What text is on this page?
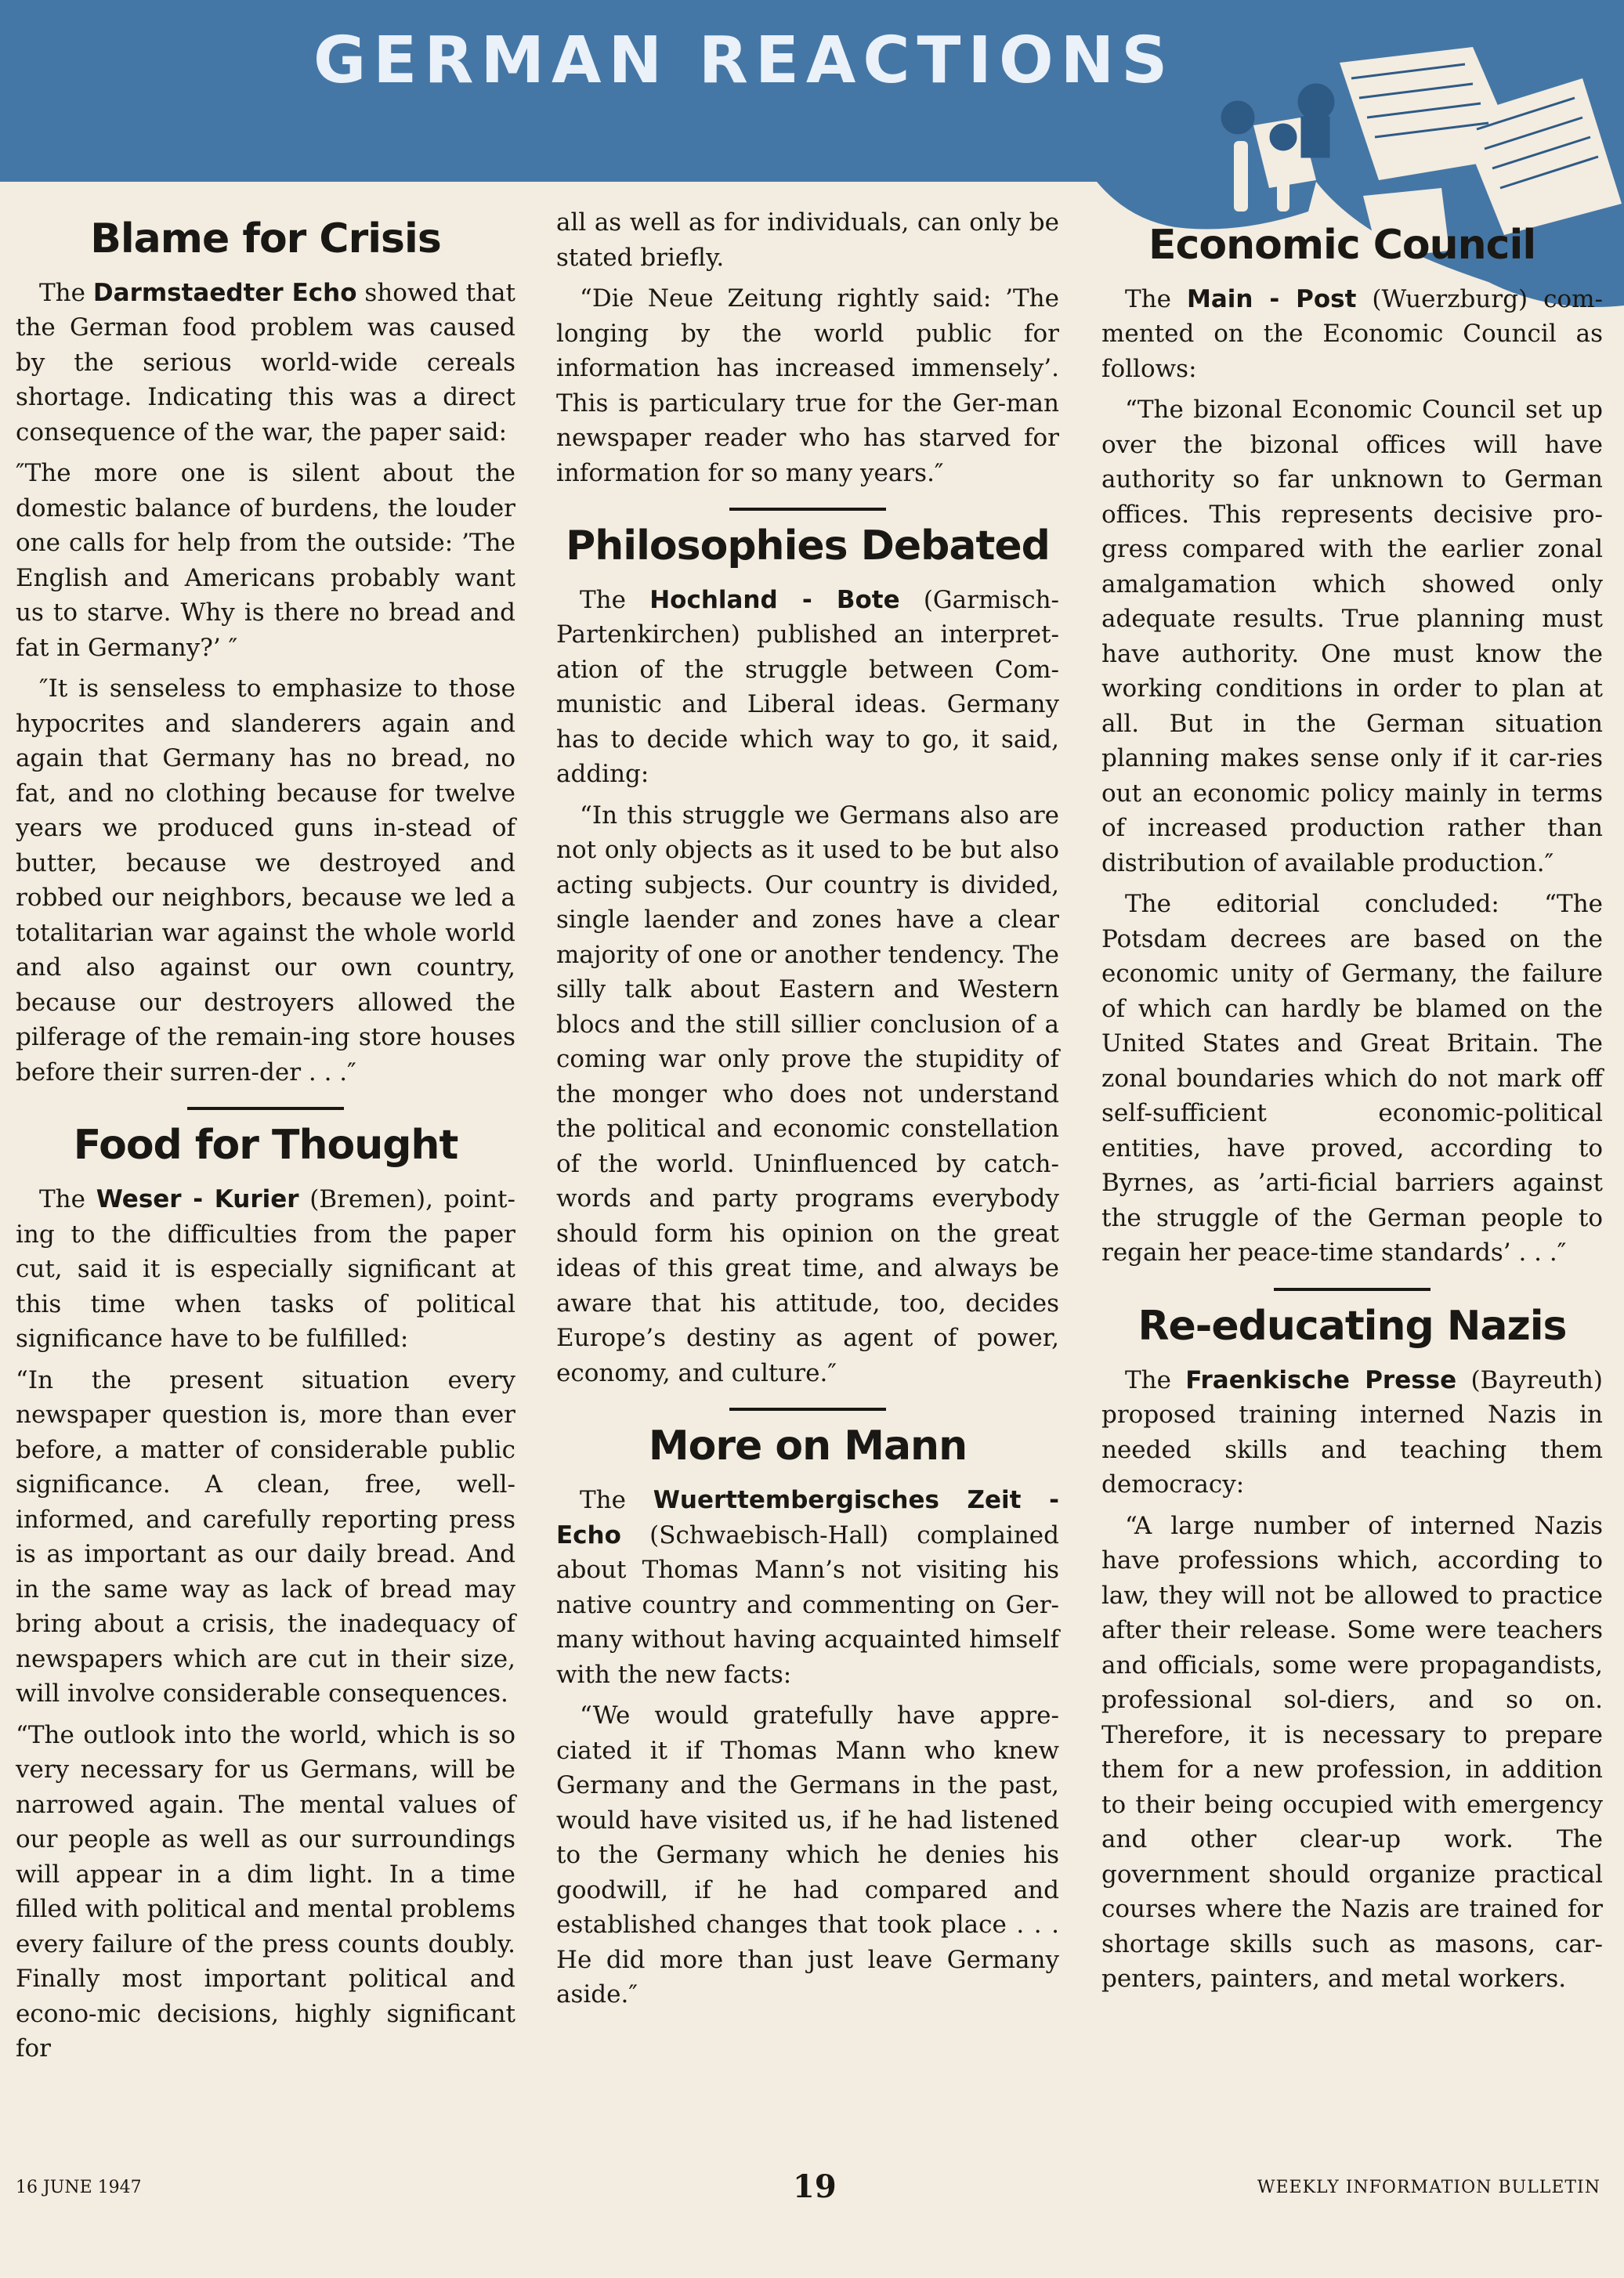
GERMAN REACTIONS
Blame for Crisis

The Darmstaedter Echo showed that the German food problem was caused by the serious world-wide cereals shortage. Indicating this was a direct consequence of the war, the paper said:

″The more one is silent about the domestic balance of burdens, the louder one calls for help from the outside: ’The English and Americans probably want us to starve. Why is there no bread and fat in Germany?’ ″

″It is senseless to emphasize to those hypocrites and slanderers again and again that Germany has no bread, no fat, and no clothing because for twelve years we produced guns in-stead of butter, because we destroyed and robbed our neighbors, because we led a totalitarian war against the whole world and also against our own country, because our destroyers allowed the pilferage of the remain-ing store houses before their surren-der . . .″

Food for Thought

The Weser - Kurier (Bremen), point-ing to the difficulties from the paper cut, said it is especially significant at this time when tasks of political significance have to be fulfilled:

“In the present situation every newspaper question is, more than ever before, a matter of considerable public significance. A clean, free, well-informed, and carefully reporting press is as important as our daily bread. And in the same way as lack of bread may bring about a crisis, the inadequacy of newspapers which are cut in their size, will involve considerable consequences.

“The outlook into the world, which is so very necessary for us Germans, will be narrowed again. The mental values of our people as well as our surroundings will appear in a dim light. In a time filled with political and mental problems every failure of the press counts doubly. Finally most important political and econo-mic decisions, highly significant for

all as well as for individuals, can only be stated briefly.

“Die Neue Zeitung rightly said: ’The longing by the world public for information has increased immensely’. This is particulary true for the Ger-man newspaper reader who has starved for information for so many years.″

Philosophies Debated

The Hochland - Bote (Garmisch-Partenkirchen) published an interpret-ation of the struggle between Com-munistic and Liberal ideas. Germany has to decide which way to go, it said, adding:

“In this struggle we Germans also are not only objects as it used to be but also acting subjects. Our country is divided, single laender and zones have a clear majority of one or another tendency. The silly talk about Eastern and Western blocs and the still sillier conclusion of a coming war only prove the stupidity of the monger who does not understand the political and economic constellation of the world. Uninfluenced by catch-words and party programs everybody should form his opinion on the great ideas of this great time, and always be aware that his attitude, too, decides Europe’s destiny as agent of power, economy, and culture.″

More on Mann

The Wuerttembergisches Zeit - Echo (Schwaebisch-Hall) complained about Thomas Mann’s not visiting his native country and commenting on Ger-many without having acquainted himself with the new facts:

“We would gratefully have appre-ciated it if Thomas Mann who knew Germany and the Germans in the past, would have visited us, if he had listened to the Germany which he denies his goodwill, if he had compared and established changes that took place . . . He did more than just leave Germany aside.″

Economic Council

The Main - Post (Wuerzburg) com-mented on the Economic Council as follows:

“The bizonal Economic Council set up over the bizonal offices will have authority so far unknown to German offices. This represents decisive pro-gress compared with the earlier zonal amalgamation which showed only adequate results. True planning must have authority. One must know the working conditions in order to plan at all. But in the German situation planning makes sense only if it car-ries out an economic policy mainly in terms of increased production rather than distribution of available production.″

The editorial concluded: “The Potsdam decrees are based on the economic unity of Germany, the failure of which can hardly be blamed on the United States and Great Britain. The zonal boundaries which do not mark off self-sufficient economic-political entities, have proved, according to Byrnes, as ’arti-ficial barriers against the struggle of the German people to regain her peace-time standards’ . . .″

Re-educating Nazis

The Fraenkische Presse (Bayreuth) proposed training interned Nazis in needed skills and teaching them democracy:

“A large number of interned Nazis have professions which, according to law, they will not be allowed to practice after their release. Some were teachers and officials, some were propagandists, professional sol-diers, and so on. Therefore, it is necessary to prepare them for a new profession, in addition to their being occupied with emergency and other clear-up work. The government should organize practical courses where the Nazis are trained for shortage skills such as masons, car-penters, painters, and metal workers.

16 JUNE 1947	19	WEEKLY INFORMATION BULLETIN
